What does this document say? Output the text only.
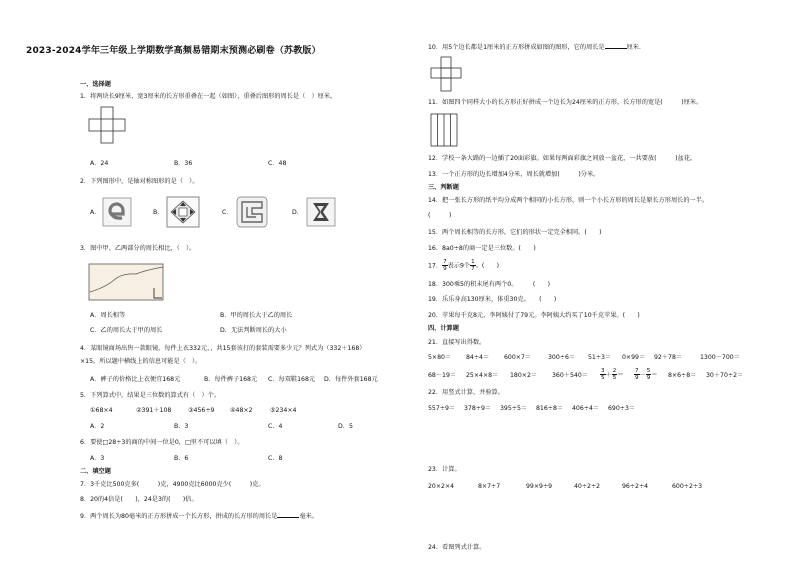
2023-2024学年三年级上学期数学高频易错期末预测必刷卷（苏教版）
一、选择题
1．将两块长9厘米、宽3厘米的长方形重叠在一起（如图），重叠后图形的周长是（　）厘米。
A．24	B．36	C．48
2．下列图形中，是轴对称图形的是（　）。
A．	B．	C．	D．
3．图中甲、乙两部分的周长相比，（　）。
A．周长相等	B．甲的周长大于乙的周长
C．乙的周长大于甲的周长	D．无法判断周长的大小
4．某眼镜商场出售一款眼镜，每件上衣332元，，共15套该打的套装需要多少元？列式为（332＋168）
×15，所以题中横线上的信息可能是（　）。
A．裤子的价格比上衣便宜168元	B．每件裤子168元 C．每双鞋168元 D．每件外套168元
5．下列算式中，结果是三位数的算式有（　）个。
①68×4	②391＋108	③456÷9	④48×2	⑤234×4
A．2	B．3	C．4	D．5
6．要使□28÷3的商的中间一位是0，□里不可以填（　）。
A．3	B．6	C．8
二、填空题
7．3千克比500克多(　　　)克，4900克比6000克少(　　　)克。
8．20的4倍是(　　)，24是3的(　　)倍。
9．两个周长为80毫米的正方形拼成一个长方形，拼成的长方形的周长是	毫米。
10．用5个边长都是1厘米的正方形拼成如图的图形，它的周长是	厘米．
11．如图四个同样大小的长方形正好拼成一个边长为24厘米的正方形，长方形的宽是(　　　)厘米。
12．学校一条大路的一边插了20面彩旗。如果每两面彩旗之间放一盆花，一共要放(　　　)盆花。
13．一个正方形的边长增加4分米，周长就增加(　　　)分米。
三、判断题
14．把一张长方形的纸平均分成两个相同的小长方形，则一个小长方形的周长是原长方形周长的一半。
(　　　)
15．两个周长相等的长方形，它们的形状一定完全相同。(　　)
16．8a0÷8的商一定是三位数。(　　)
17． $\frac{7}{9}$ 表示9个 $\frac{1}{7}$ 。(　　)
18．300乘5的积末尾有两个0。　　　(　　)
19．乐乐身高130厘米，体重30克。　　(　　)
20．苹果每千克8元，李阿姨付了79元。李阿姨大约买了10千克苹果。(　　)
四、计算题
21．直接写出得数。
5×80＝ 84÷4＝ 600×7＝	300÷6＝ 51÷3＝ 0×99＝ 92＋78＝	1300－700＝
$68-19= 25\times 4\times 8= 180\times 2= 360+540= \frac{3}{5} + \frac{2}{5} = \frac{7}{9} - \frac{5}{9} = 8\times 6\div 8= 30+70\div 2=$
22．用竖式计算，并验算。
557÷9＝ 378÷9＝ 395÷5＝ 816÷8＝ 406÷4＝ 690÷3＝
23．计算。
20×2×4	8×7÷7	99×9÷9	40÷2÷2	96÷2÷4	600÷2÷3
24．看图列式计算。
